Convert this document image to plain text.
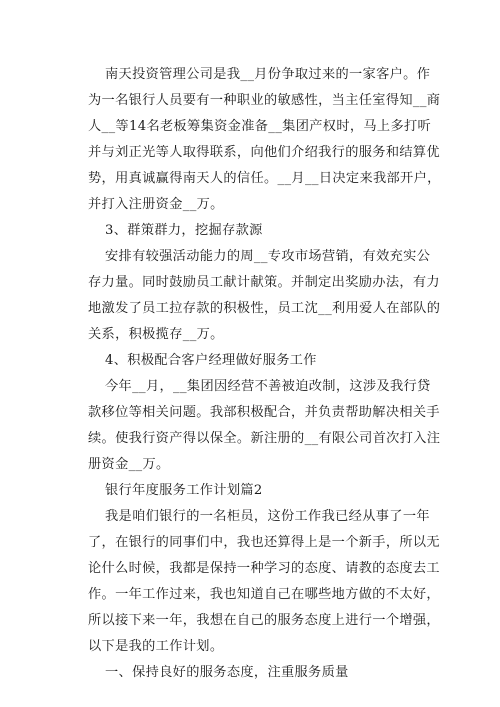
南天投资管理公司是我__月份争取过来的一家客户。作
为一名银行人员要有一种职业的敏感性，当主任室得知__商
人__等14名老板筹集资金准备__集团产权时，马上多打听
并与刘正光等人取得联系，向他们介绍我行的服务和结算优
势，用真诚赢得南天人的信任。__月__日决定来我部开户，
并打入注册资金__万。
3、群策群力，挖掘存款源
安排有较强活动能力的周__专攻市场营销，有效充实公
存力量。同时鼓励员工献计献策。并制定出奖励办法，有力
地激发了员工拉存款的积极性，员工沈__利用爱人在部队的
关系，积极揽存__万。
4、积极配合客户经理做好服务工作
今年__月，__集团因经营不善被迫改制，这涉及我行贷
款移位等相关问题。我部积极配合，并负责帮助解决相关手
续。使我行资产得以保全。新注册的__有限公司首次打入注
册资金__万。
银行年度服务工作计划篇2
我是咱们银行的一名柜员，这份工作我已经从事了一年
了，在银行的同事们中，我也还算得上是一个新手，所以无
论什么时候，我都是保持一种学习的态度、请教的态度去工
作。一年工作过来，我也知道自己在哪些地方做的不太好，
所以接下来一年，我想在自己的服务态度上进行一个增强，
以下是我的工作计划。
一、保持良好的服务态度，注重服务质量
